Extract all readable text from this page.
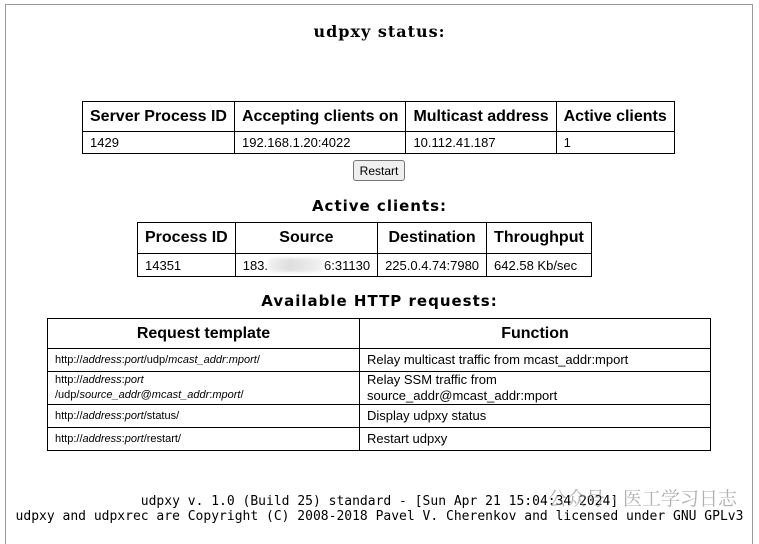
udpxy status:
Server Process ID	Accepting clients on	Multicast address	Active clients
1429	192.168.1.20:4022	10.112.41.187	1
Restart
Active clients:
Process ID	Source	Destination	Throughput
14351	183. 6:31130	225.0.4.74:7980	642.58 Kb/sec
Available HTTP requests:
Request template	Function
http://address:port/udp/mcast_addr:mport/	Relay multicast traffic from mcast_addr:mport
http://address:port
/udp/source_addr@mcast_addr:mport/	Relay SSM traffic from
source_addr@mcast_addr:mport
http://address:port/status/	Display udpxy status
http://address:port/restart/	Restart udpxy
udpxy v. 1.0 (Build 25) standard - [Sun Apr 21 15:04:34 2024]
udpxy and udpxrec are Copyright (C) 2008-2018 Pavel V. Cherenkov and licensed under GNU GPLv3
公众号 · 医工学习日志
